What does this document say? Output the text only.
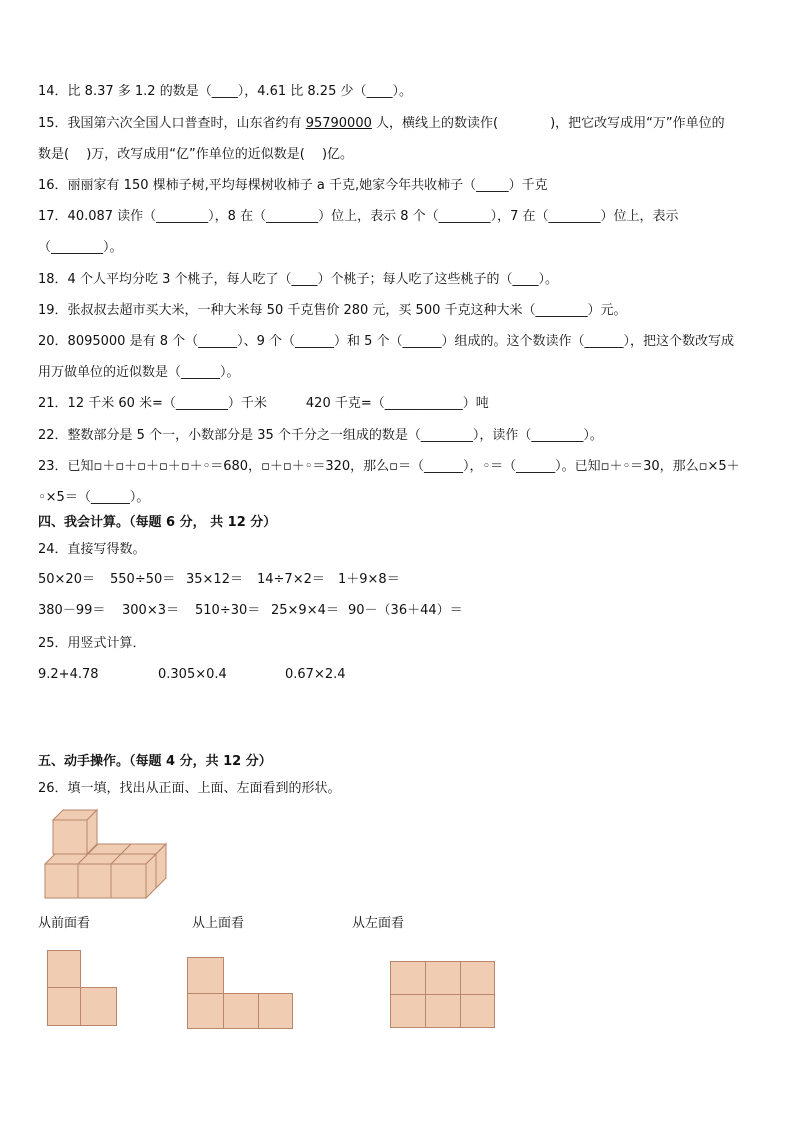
14．比 8.37 多 1.2 的数是（____），4.61 比 8.25 少（____）。
15．我国第六次全国人口普查时，山东省约有 95790000 人，横线上的数读作(　　　　)，把它改写成用“万”作单位的
数是(　 )万，改写成用“亿”作单位的近似数是(　 )亿。
16．丽丽家有 150 棵柿子树,平均每棵树收柿子 a 千克,她家今年共收柿子（_____）千克
17．40.087 读作（________），8 在（________）位上，表示 8 个（________），7 在（________）位上，表示
（________）。
18．4 个人平均分吃 3 个桃子，每人吃了（____）个桃子；每人吃了这些桃子的（____）。
19．张叔叔去超市买大米，一种大米每 50 千克售价 280 元，买 500 千克这种大米（________）元。
20．8095000 是有 8 个（______）、9 个（______）和 5 个（______）组成的。这个数读作（______），把这个数改写成
用万做单位的近似数是（______）。
21．12 千米 60 米=（________）千米　　　420 千克=（____________）吨
22．整数部分是 5 个一，小数部分是 35 个千分之一组成的数是（________），读作（________）。
23．已知▫＋▫＋▫＋▫＋▫＋◦＝680，▫＋▫＋◦＝320，那么▫＝（______），◦＝（______）。已知▫＋◦＝30，那么▫×5＋
◦×5＝（______）。
四、我会计算。（每题 6 分， 共 12 分）
24．直接写得数。
50×20＝ 550÷50＝ 35×12＝ 14÷7×2＝ 1＋9×8＝
380－99＝ 300×3＝ 510÷30＝ 25×9×4＝ 90－（36＋44）＝
25．用竖式计算．
9.2+4.78	0.305×0.4	0.67×2.4
五、动手操作。（每题 4 分，共 12 分）
26．填一填，找出从正面、上面、左面看到的形状。
从前面看	从上面看	从左面看
